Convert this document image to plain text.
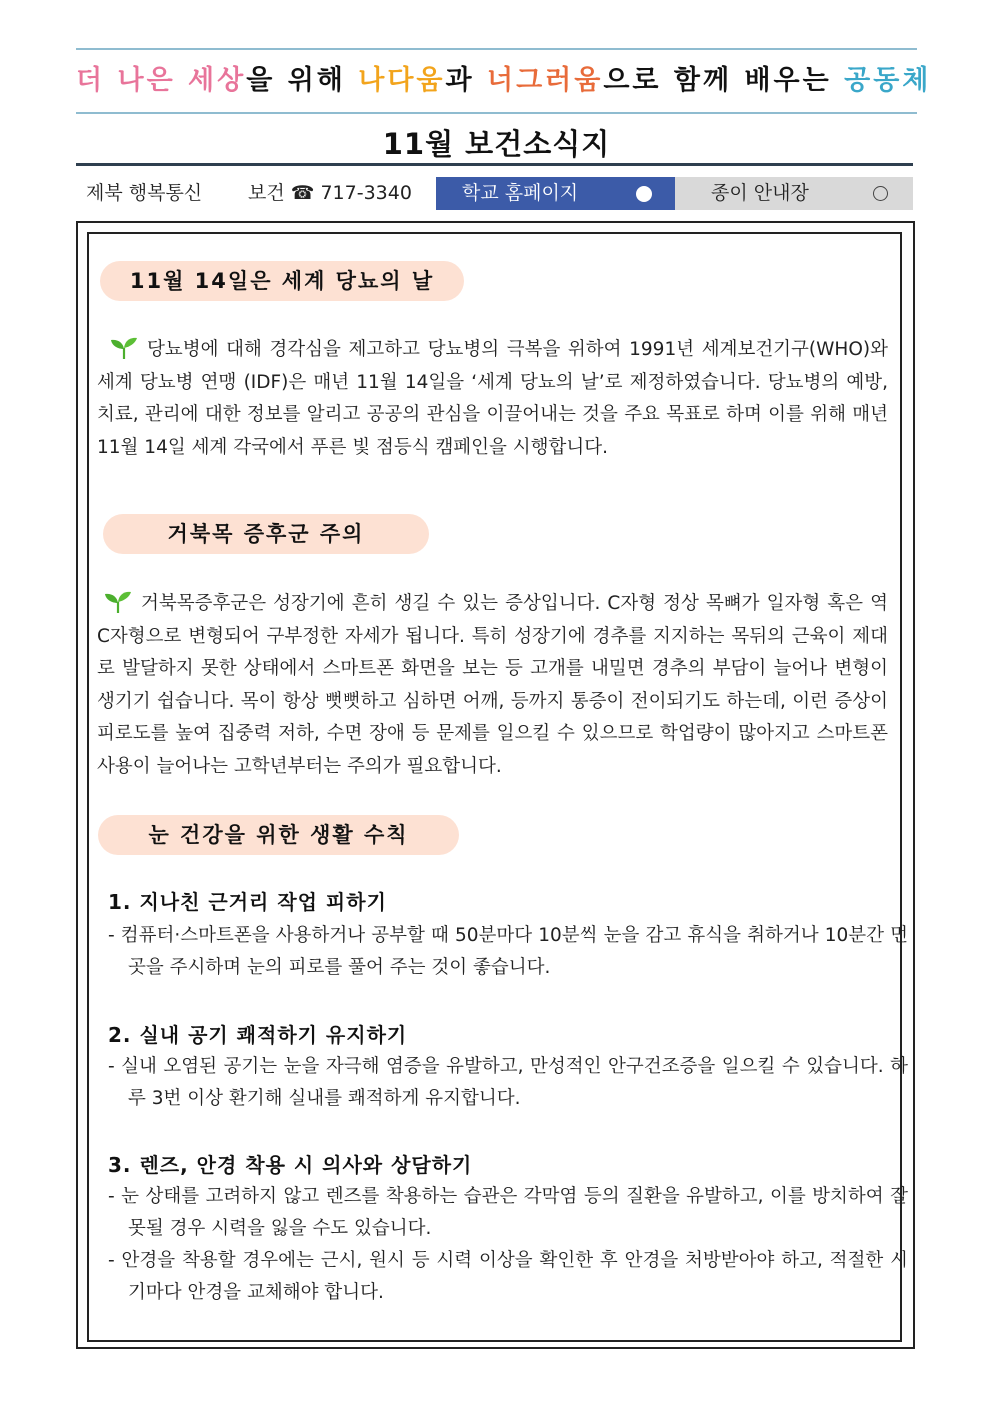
더 나은 세상을 위해 나다움과 너그러움으로 함께 배우는 공동체
11월 보건소식지
제북 행복통신 보건 ☎ 717-3340	학교 홈페이지	종이 안내장
11월 14일은 세계 당뇨의 날
당뇨병에 대해 경각심을 제고하고 당뇨병의 극복을 위하여 1991년 세계보건기구(WHO)와 세계 당뇨병 연맹 (IDF)은 매년 11월 14일을 ‘세계 당뇨의 날’로 제정하였습니다. 당뇨병의 예방, 치료, 관리에 대한 정보를 알리고 공공의 관심을 이끌어내는 것을 주요 목표로 하며 이를 위해 매년 11월 14일 세계 각국에서 푸른 빛 점등식 캠페인을 시행합니다.
거북목 증후군 주의
거북목증후군은 성장기에 흔히 생길 수 있는 증상입니다. C자형 정상 목뼈가 일자형 혹은 역 C자형으로 변형되어 구부정한 자세가 됩니다. 특히 성장기에 경추를 지지하는 목뒤의 근육이 제대로 발달하지 못한 상태에서 스마트폰 화면을 보는 등 고개를 내밀면 경추의 부담이 늘어나 변형이 생기기 쉽습니다. 목이 항상 뻣뻣하고 심하면 어깨, 등까지 통증이 전이되기도 하는데, 이런 증상이 피로도를 높여 집중력 저하, 수면 장애 등 문제를 일으킬 수 있으므로 학업량이 많아지고 스마트폰 사용이 늘어나는 고학년부터는 주의가 필요합니다.
눈 건강을 위한 생활 수칙
1. 지나친 근거리 작업 피하기
- 컴퓨터·스마트폰을 사용하거나 공부할 때 50분마다 10분씩 눈을 감고 휴식을 취하거나 10분간 먼 곳을 주시하며 눈의 피로를 풀어 주는 것이 좋습니다.
2. 실내 공기 쾌적하기 유지하기
- 실내 오염된 공기는 눈을 자극해 염증을 유발하고, 만성적인 안구건조증을 일으킬 수 있습니다. 하루 3번 이상 환기해 실내를 쾌적하게 유지합니다.
3. 렌즈, 안경 착용 시 의사와 상담하기
- 눈 상태를 고려하지 않고 렌즈를 착용하는 습관은 각막염 등의 질환을 유발하고, 이를 방치하여 잘못될 경우 시력을 잃을 수도 있습니다.
- 안경을 착용할 경우에는 근시, 원시 등 시력 이상을 확인한 후 안경을 처방받아야 하고, 적절한 시기마다 안경을 교체해야 합니다.
